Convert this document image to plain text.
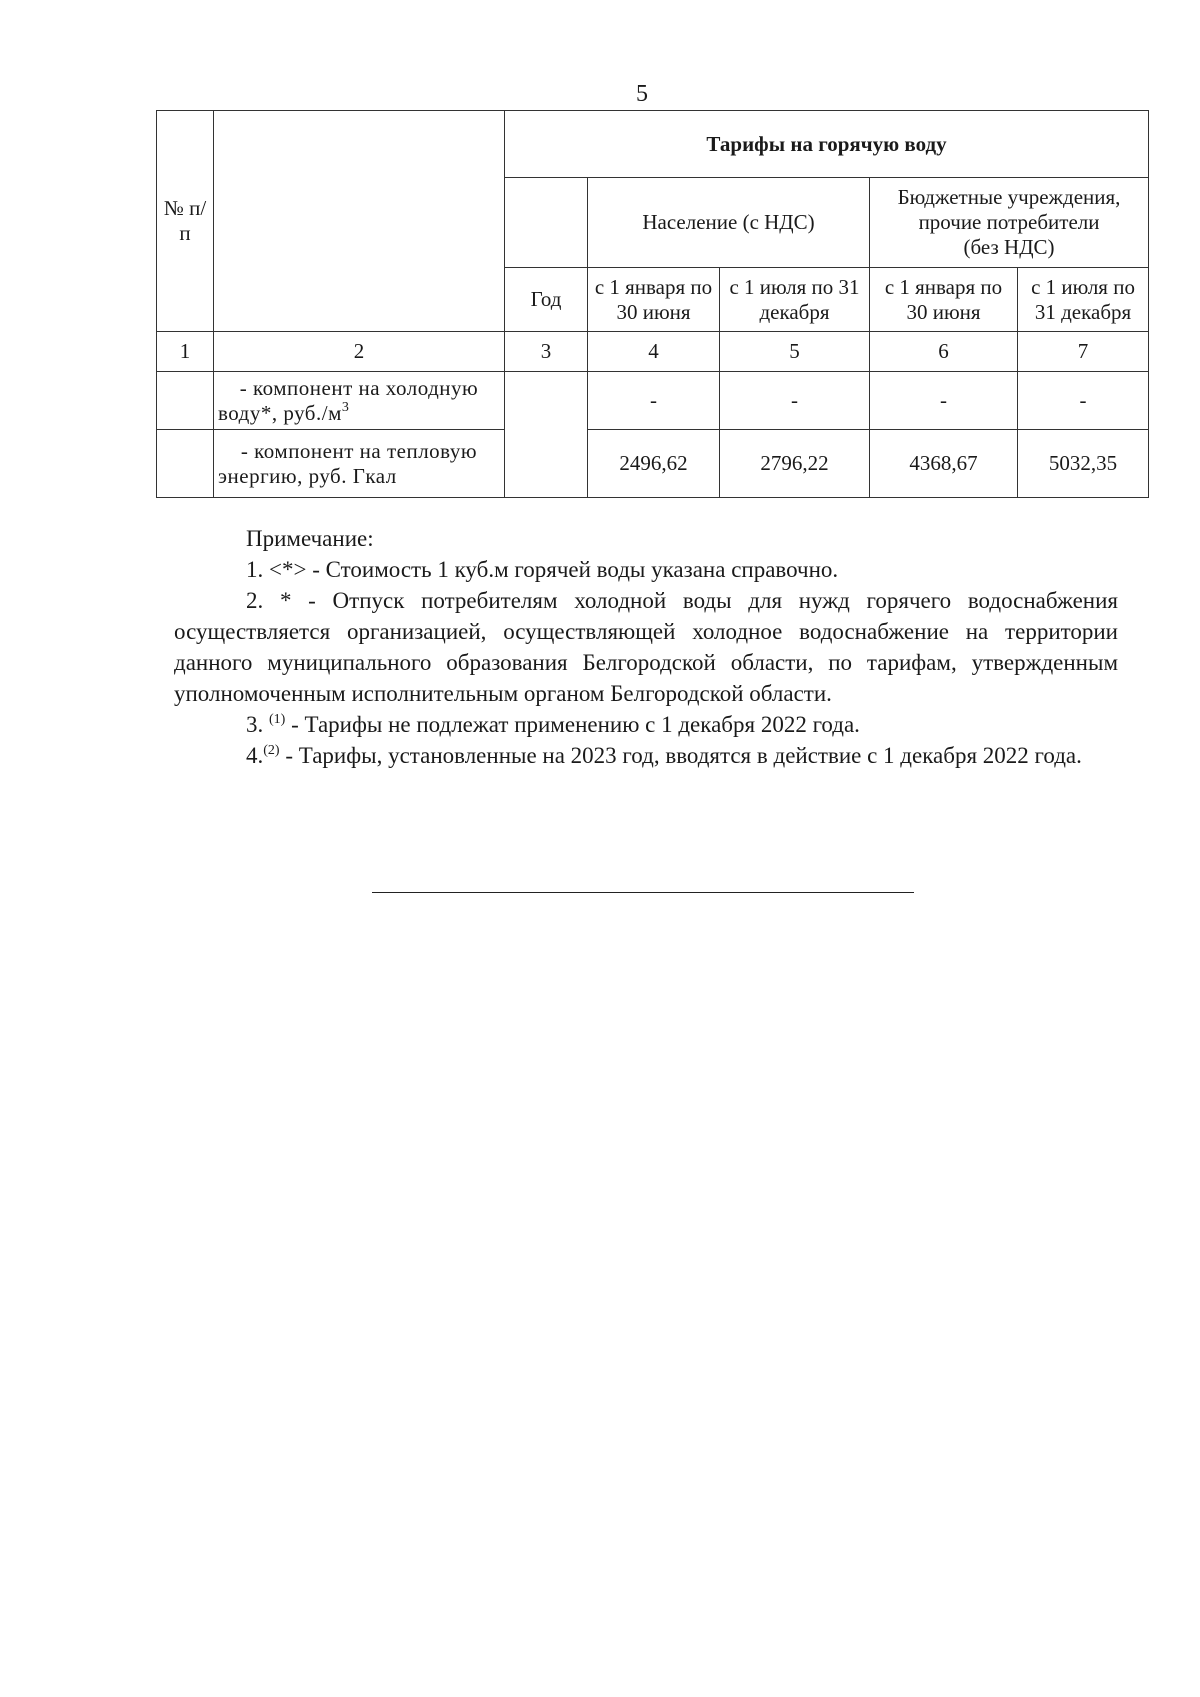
5
№ п/п		Тарифы на горячую воду				
			Население (с НДС)		Бюджетные учреждения,
прочие потребители
(без НДС)	
		Год	с 1 января по 30 июня	с 1 июля по 31 декабря	с 1 января по 30 июня	с 1 июля по 31 декабря
1	2	3	4	5	6	7
	- компонент на холодную воду*, $руб./м^3$		-	-	-	-
	- компонент на тепловую энергию, руб. Гкал		2496,62	2796,22	4368,67	5032,35

Примечание:

1. <*> - Стоимость 1 куб.м горячей воды указана справочно.

2. * - Отпуск потребителям холодной воды для нужд горячего водоснабжения осуществляется организацией, осуществляющей холодное водоснабжение на территории данного муниципального образования Белгородской области, по тарифам, утвержденным уполномоченным исполнительным органом Белгородской области.

3. $^{(1)}$ - Тарифы не подлежат применению с 1 декабря 2022 года.

4.$^{(2)}$ - Тарифы, установленные на 2023 год, вводятся в действие с 1 декабря 2022 года.
